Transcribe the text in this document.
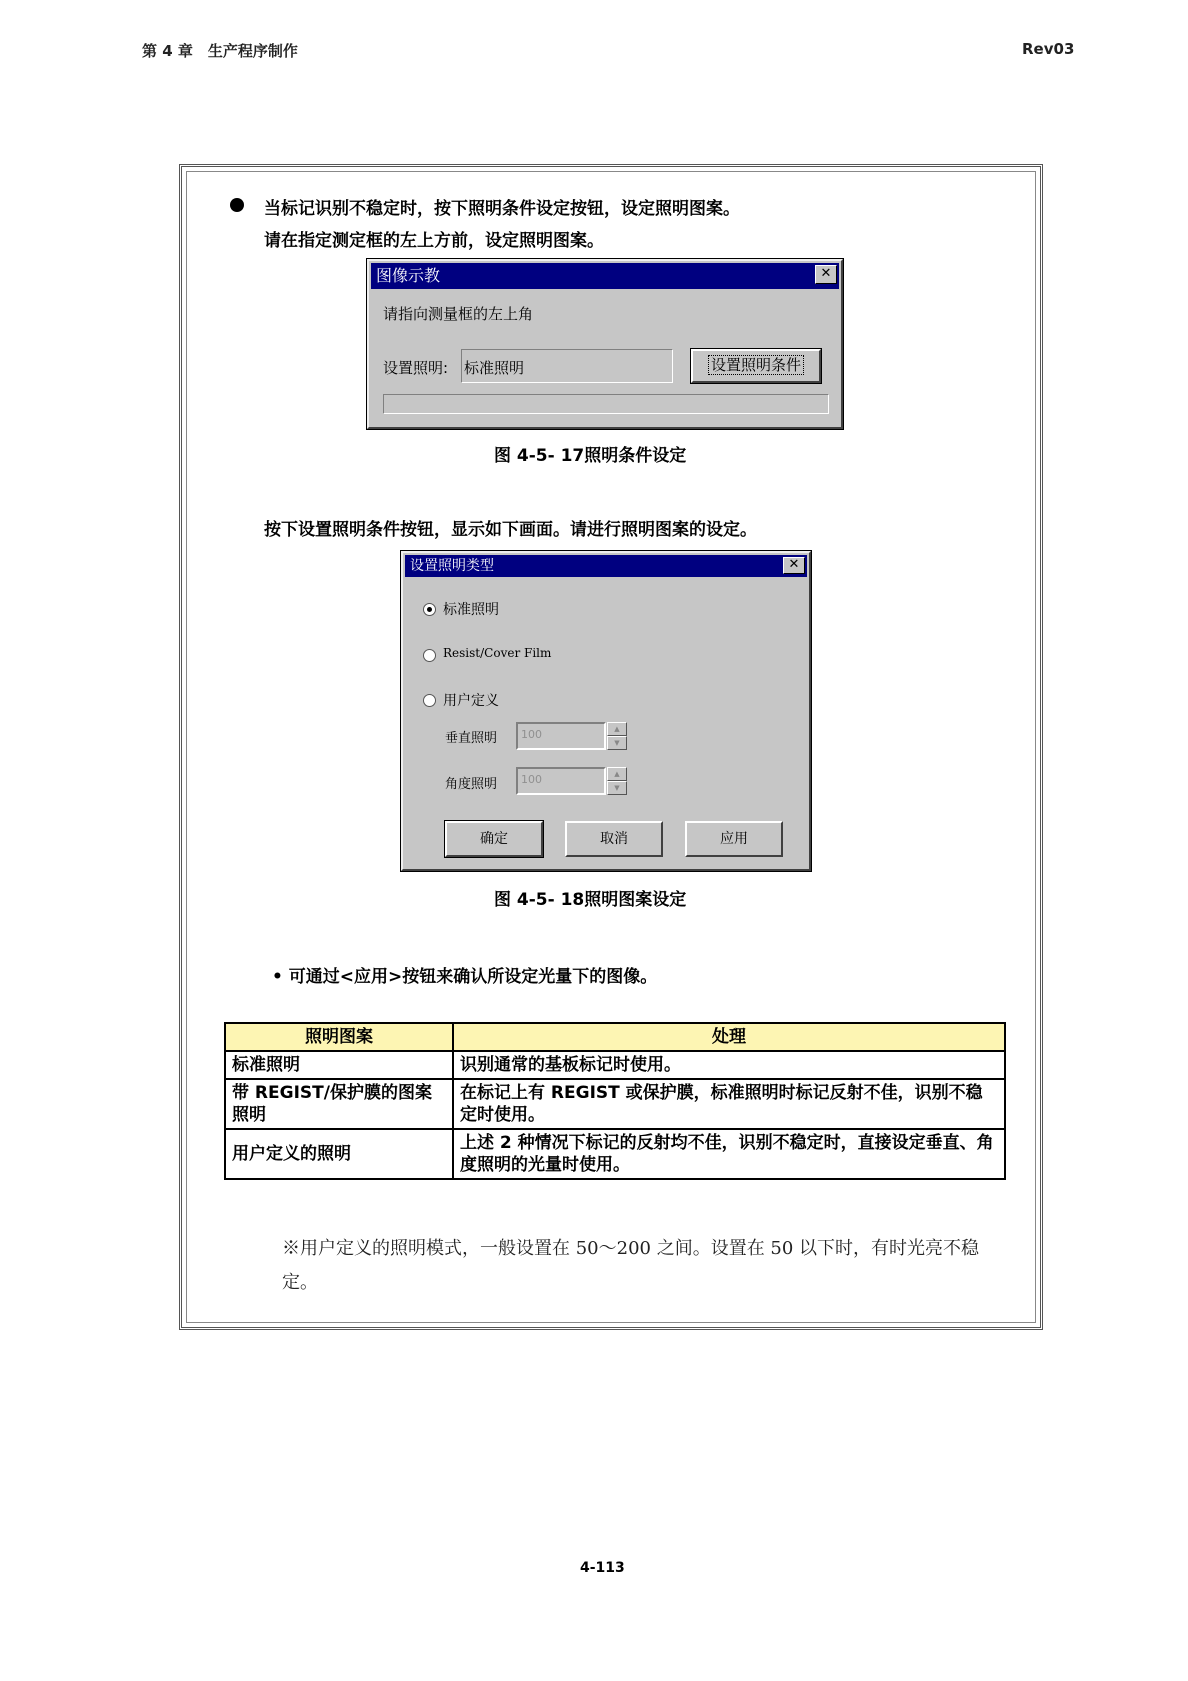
第 4 章　生产程序制作	Rev03
当标记识别不稳定时，按下照明条件设定按钮，设定照明图案。
请在指定测定框的左上方前，设定照明图案。
图像示教	✕
请指向测量框的左上角
设置照明: 标准照明	设置照明条件
图 4-5- 17照明条件设定
按下设置照明条件按钮，显示如下画面。请进行照明图案的设定。
设置照明类型	✕
标准照明
Resist/Cover Film
用户定义
垂直照明	100	▲
▼
角度照明	100	▲
▼
确定	取消	应用
图 4-5- 18照明图案设定
• 可通过<应用>按钮来确认所设定光量下的图像。
照明图案	处理
标准照明	识别通常的基板标记时使用。
带 REGIST/保护膜的图案照明	在标记上有 REGIST 或保护膜，标准照明时标记反射不佳，识别不稳定时使用。
用户定义的照明	上述 2 种情况下标记的反射均不佳，识别不稳定时，直接设定垂直、角度照明的光量时使用。
※用户定义的照明模式，一般设置在 50～200 之间。设置在 50 以下时，有时光亮不稳定。
4-113
